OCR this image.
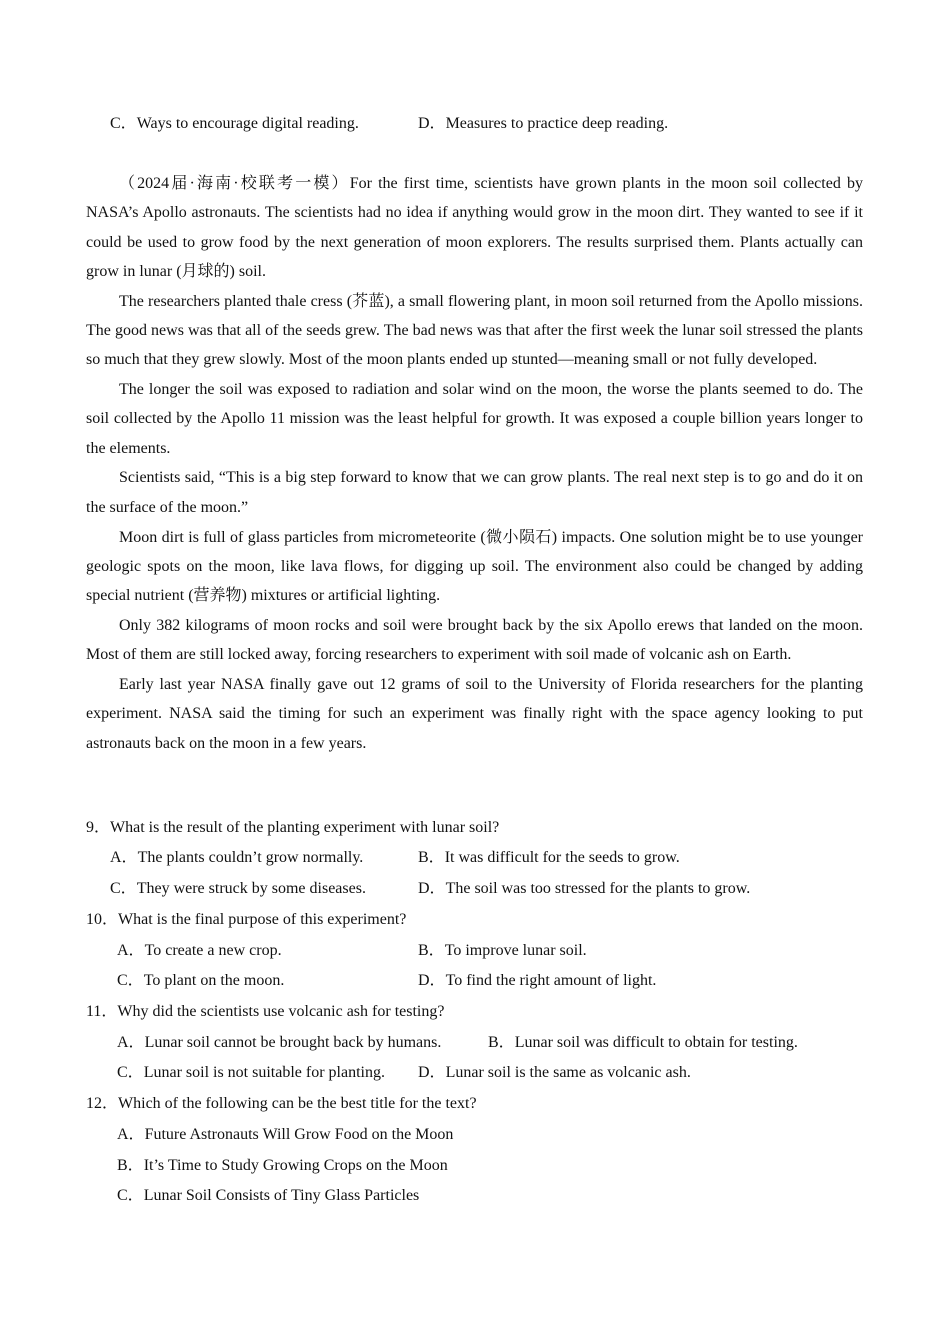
C．Ways to encourage digital reading.	D．Measures to practice deep reading.

（2024届·海南·校联考一模）For the first time, scientists have grown plants in the moon soil collected by NASA’s Apollo astronauts. The scientists had no idea if anything would grow in the moon dirt. They wanted to see if it could be used to grow food by the next generation of moon explorers. The results surprised them. Plants actually can grow in lunar (月球的) soil.

The researchers planted thale cress (芥蓝), a small flowering plant, in moon soil returned from the Apollo missions. The good news was that all of the seeds grew. The bad news was that after the first week the lunar soil stressed the plants so much that they grew slowly. Most of the moon plants ended up stunted—meaning small or not fully developed.

The longer the soil was exposed to radiation and solar wind on the moon, the worse the plants seemed to do. The soil collected by the Apollo 11 mission was the least helpful for growth. It was exposed a couple billion years longer to the elements.

Scientists said, “This is a big step forward to know that we can grow plants. The real next step is to go and do it on the surface of the moon.”

Moon dirt is full of glass particles from micrometeorite (微小陨石) impacts. One solution might be to use younger geologic spots on the moon, like lava flows, for digging up soil. The environment also could be changed by adding special nutrient (营养物) mixtures or artificial lighting.

Only 382 kilograms of moon rocks and soil were brought back by the six Apollo erews that landed on the moon. Most of them are still locked away, forcing researchers to experiment with soil made of volcanic ash on Earth.

Early last year NASA finally gave out 12 grams of soil to the University of Florida researchers for the planting experiment. NASA said the timing for such an experiment was finally right with the space agency looking to put astronauts back on the moon in a few years.

9．What is the result of the planting experiment with lunar soil?
A．The plants couldn’t grow normally.	B．It was difficult for the seeds to grow.
C．They were struck by some diseases.	D．The soil was too stressed for the plants to grow.
10．What is the final purpose of this experiment?
A．To create a new crop.	B．To improve lunar soil.
C．To plant on the moon.	D．To find the right amount of light.
11．Why did the scientists use volcanic ash for testing?
A．Lunar soil cannot be brought back by humans.	B．Lunar soil was difficult to obtain for testing.
C．Lunar soil is not suitable for planting. D．Lunar soil is the same as volcanic ash.
12．Which of the following can be the best title for the text?
A．Future Astronauts Will Grow Food on the Moon
B．It’s Time to Study Growing Crops on the Moon
C．Lunar Soil Consists of Tiny Glass Particles
